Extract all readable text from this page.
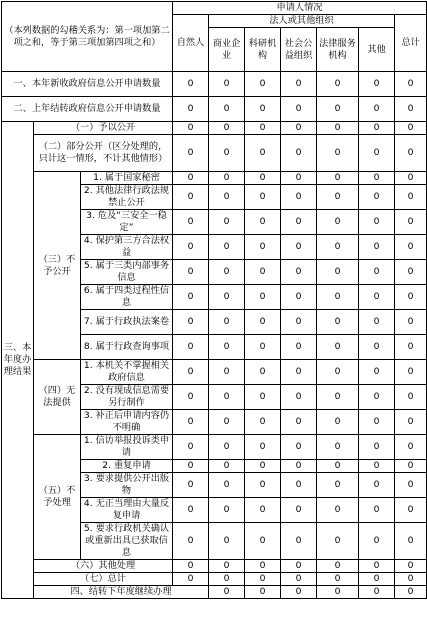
（本列数据的勾稽关系为：第一项加第二项之和，等于第三项加第四项之和）			申请人情况							
			自然人	法人或其他组织					总计	
				商业企业	科研机构	社会公益组织	法律服务机构	其他		
一、本年新收政府信息公开申请数量			0	0	0	0	0	0	0	
二、上年结转政府信息公开申请数量			0	0	0	0	0	0	0	
三、本年度办理结果	（一）予以公开		0	0	0	0	0	0	0	
	（二）部分公开（区分处理的，只计这一情形，不计其他情形）		0	0	0	0	0	0	0	
	（三）不予公开	1. 属于国家秘密	0	0	0	0	0	0	0	
		2. 其他法律行政法规禁止公开	0	0	0	0	0	0	0	
		3. 危及“三安全一稳定”	0	0	0	0	0	0	0	
		4. 保护第三方合法权益	0	0	0	0	0	0	0	
		5. 属于三类内部事务信息	0	0	0	0	0	0	0	
		6. 属于四类过程性信息	0	0	0	0	0	0	0	
		7. 属于行政执法案卷	0	0	0	0	0	0	0	
		8. 属于行政查询事项	0	0	0	0	0	0	0	
	（四）无法提供	1. 本机关不掌握相关政府信息	0	0	0	0	0	0	0	
		2. 没有现成信息需要另行制作	0	0	0	0	0	0	0	
		3. 补正后申请内容仍不明确	0	0	0	0	0	0	0	
	（五）不予处理	1. 信访举报投诉类申请	0	0	0	0	0	0	0	
		2. 重复申请	0	0	0	0	0	0	0	
		3. 要求提供公开出版物	0	0	0	0	0	0	0	
		4. 无正当理由大量反复申请	0	0	0	0	0	0	0	
		5. 要求行政机关确认或重新出具已获取信息	0	0	0	0	0	0	0	
	（六）其他处理		0	0	0	0	0	0	0	
	（七）总计		0	0	0	0	0	0	0	
	四、结转下年度继续办理			0	0	0	0	0	0	
